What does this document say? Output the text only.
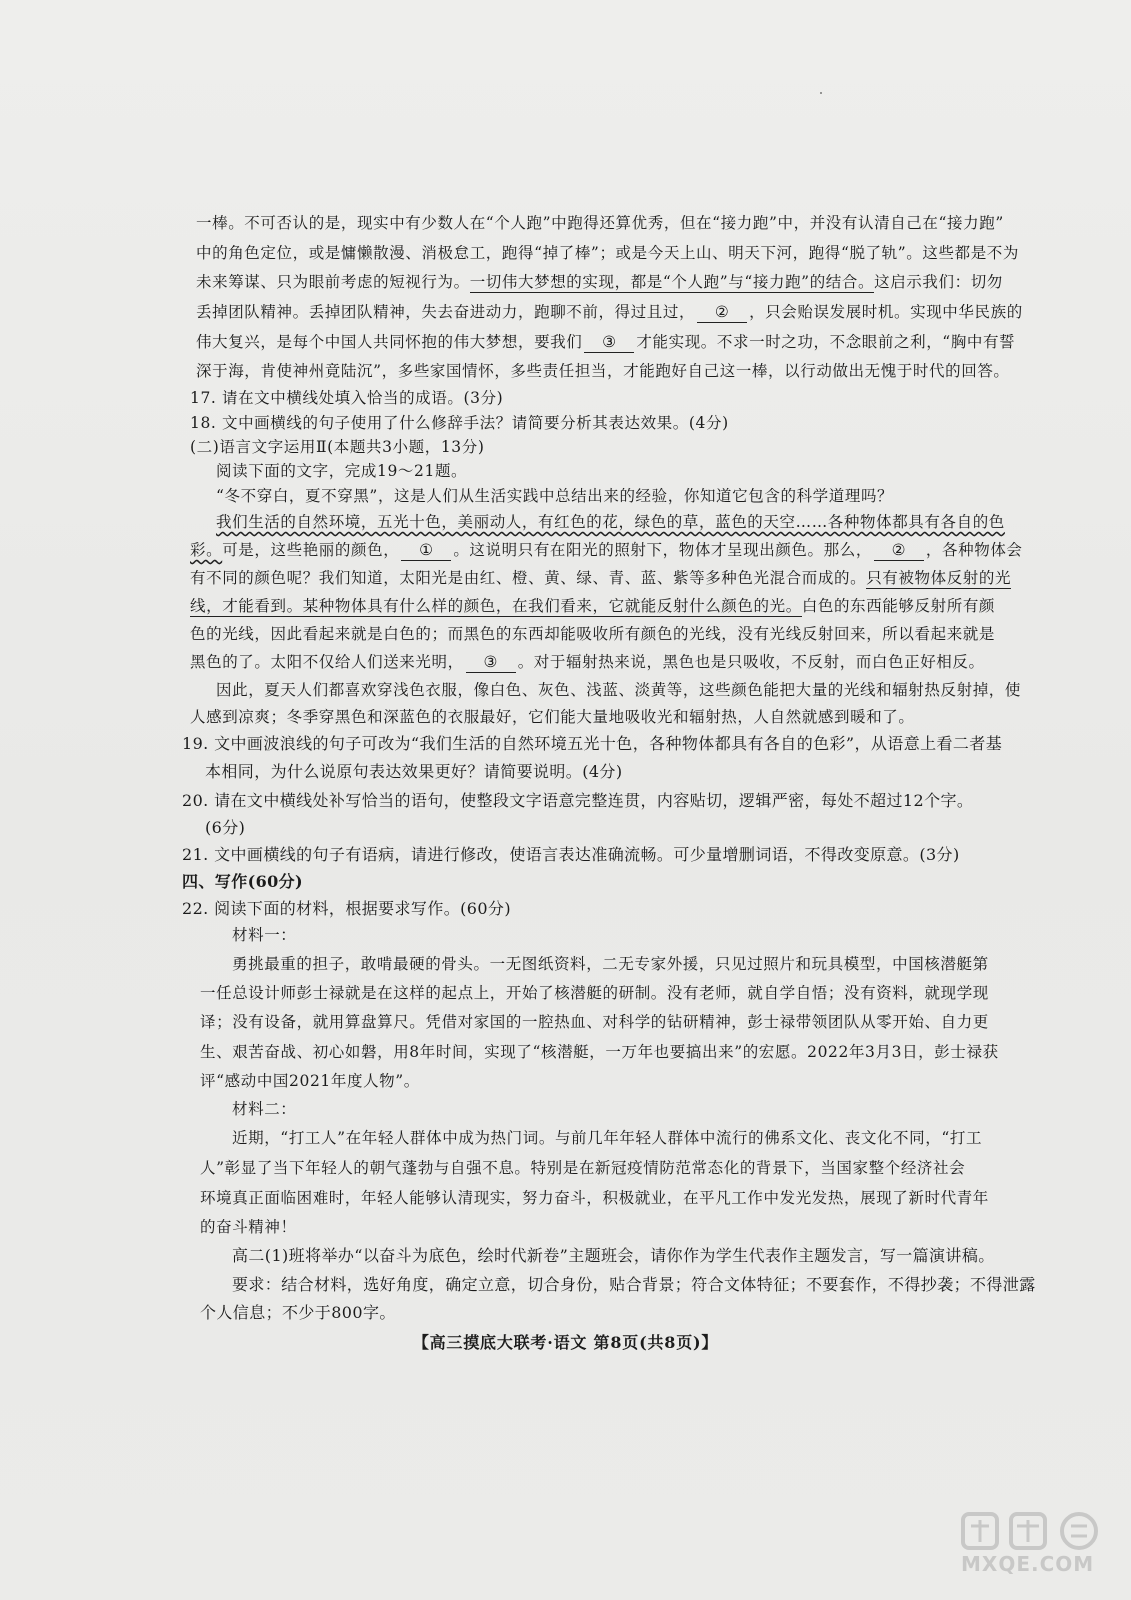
一棒。不可否认的是，现实中有少数人在“个人跑”中跑得还算优秀，但在“接力跑”中，并没有认清自己在“接力跑”
中的角色定位，或是慵懒散漫、消极怠工，跑得“掉了棒”；或是今天上山、明天下河，跑得“脱了轨”。这些都是不为
未来筹谋、只为眼前考虑的短视行为。一切伟大梦想的实现，都是“个人跑”与“接力跑”的结合。这启示我们：切勿
丢掉团队精神。丢掉团队精神，失去奋进动力，跑聊不前，得过且过， ② ，只会贻误发展时机。实现中华民族的
伟大复兴，是每个中国人共同怀抱的伟大梦想，要我们 ③ 才能实现。不求一时之功，不念眼前之利，“胸中有誓
深于海，肯使神州竟陆沉”，多些家国情怀，多些责任担当，才能跑好自己这一棒，以行动做出无愧于时代的回答。
17. 请在文中横线处填入恰当的成语。(3分)
18. 文中画横线的句子使用了什么修辞手法？请简要分析其表达效果。(4分)
(二)语言文字运用Ⅱ(本题共3小题，13分)
阅读下面的文字，完成19～21题。
“冬不穿白，夏不穿黑”，这是人们从生活实践中总结出来的经验，你知道它包含的科学道理吗？
我们生活的自然环境，五光十色，美丽动人，有红色的花，绿色的草，蓝色的天空……各种物体都具有各自的色
彩。可是，这些艳丽的颜色， ① 。这说明只有在阳光的照射下，物体才呈现出颜色。那么， ② ，各种物体会
有不同的颜色呢？我们知道，太阳光是由红、橙、黄、绿、青、蓝、紫等多种色光混合而成的。只有被物体反射的光
线，才能看到。某种物体具有什么样的颜色，在我们看来，它就能反射什么颜色的光。白色的东西能够反射所有颜
色的光线，因此看起来就是白色的；而黑色的东西却能吸收所有颜色的光线，没有光线反射回来，所以看起来就是
黑色的了。太阳不仅给人们送来光明， ③ 。对于辐射热来说，黑色也是只吸收，不反射，而白色正好相反。
因此，夏天人们都喜欢穿浅色衣服，像白色、灰色、浅蓝、淡黄等，这些颜色能把大量的光线和辐射热反射掉，使
人感到凉爽；冬季穿黑色和深蓝色的衣服最好，它们能大量地吸收光和辐射热，人自然就感到暖和了。
19. 文中画波浪线的句子可改为“我们生活的自然环境五光十色，各种物体都具有各自的色彩”，从语意上看二者基
本相同，为什么说原句表达效果更好？请简要说明。(4分)
20. 请在文中横线处补写恰当的语句，使整段文字语意完整连贯，内容贴切，逻辑严密，每处不超过12个字。
(6分)
21. 文中画横线的句子有语病，请进行修改，使语言表达准确流畅。可少量增删词语，不得改变原意。(3分)
四、写作(60分)
22. 阅读下面的材料，根据要求写作。(60分)
材料一：
勇挑最重的担子，敢啃最硬的骨头。一无图纸资料，二无专家外援，只见过照片和玩具模型，中国核潜艇第
一任总设计师彭士禄就是在这样的起点上，开始了核潜艇的研制。没有老师，就自学自悟；没有资料，就现学现
译；没有设备，就用算盘算尺。凭借对家国的一腔热血、对科学的钻研精神，彭士禄带领团队从零开始、自力更
生、艰苦奋战、初心如磐，用8年时间，实现了“核潜艇，一万年也要搞出来”的宏愿。2022年3月3日，彭士禄获
评“感动中国2021年度人物”。
材料二：
近期，“打工人”在年轻人群体中成为热门词。与前几年年轻人群体中流行的佛系文化、丧文化不同，“打工
人”彰显了当下年轻人的朝气蓬勃与自强不息。特别是在新冠疫情防范常态化的背景下，当国家整个经济社会
环境真正面临困难时，年轻人能够认清现实，努力奋斗，积极就业，在平凡工作中发光发热，展现了新时代青年
的奋斗精神！
高二(1)班将举办“以奋斗为底色，绘时代新卷”主题班会，请你作为学生代表作主题发言，写一篇演讲稿。
要求：结合材料，选好角度，确定立意，切合身份，贴合背景；符合文体特征；不要套作，不得抄袭；不得泄露
个人信息；不少于800字。
【高三摸底大联考·语文 第8页(共8页)】
MXQE.COM
